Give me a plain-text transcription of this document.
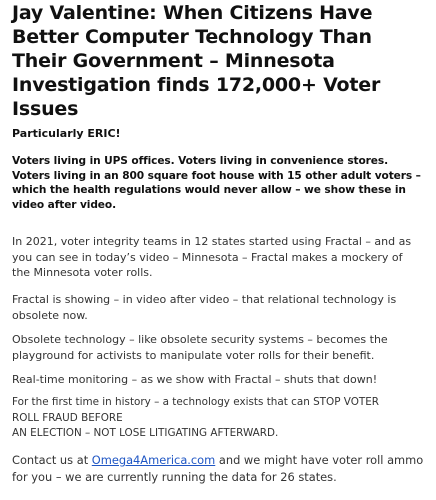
Jay Valentine: When Citizens Have Better Computer Technology Than Their Government – Minnesota Investigation finds 172,000+ Voter Issues

Particularly ERIC!

Voters living in UPS offices. Voters living in convenience stores. Voters living in an 800 square foot house with 15 other adult voters – which the health regulations would never allow – we show these in video after video.

In 2021, voter integrity teams in 12 states started using Fractal – and as you can see in today’s video – Minnesota – Fractal makes a mockery of the Minnesota voter rolls.

Fractal is showing – in video after video – that relational technology is obsolete now.

Obsolete technology – like obsolete security systems – becomes the playground for activists to manipulate voter rolls for their benefit.

Real-time monitoring – as we show with Fractal – shuts that down!

For the first time in history – a technology exists that can STOP VOTER
ROLL FRAUD BEFORE
AN ELECTION – NOT LOSE LITIGATING AFTERWARD.

Contact us at Omega4America.com and we might have voter roll ammo for you – we are currently running the data for 26 states.
